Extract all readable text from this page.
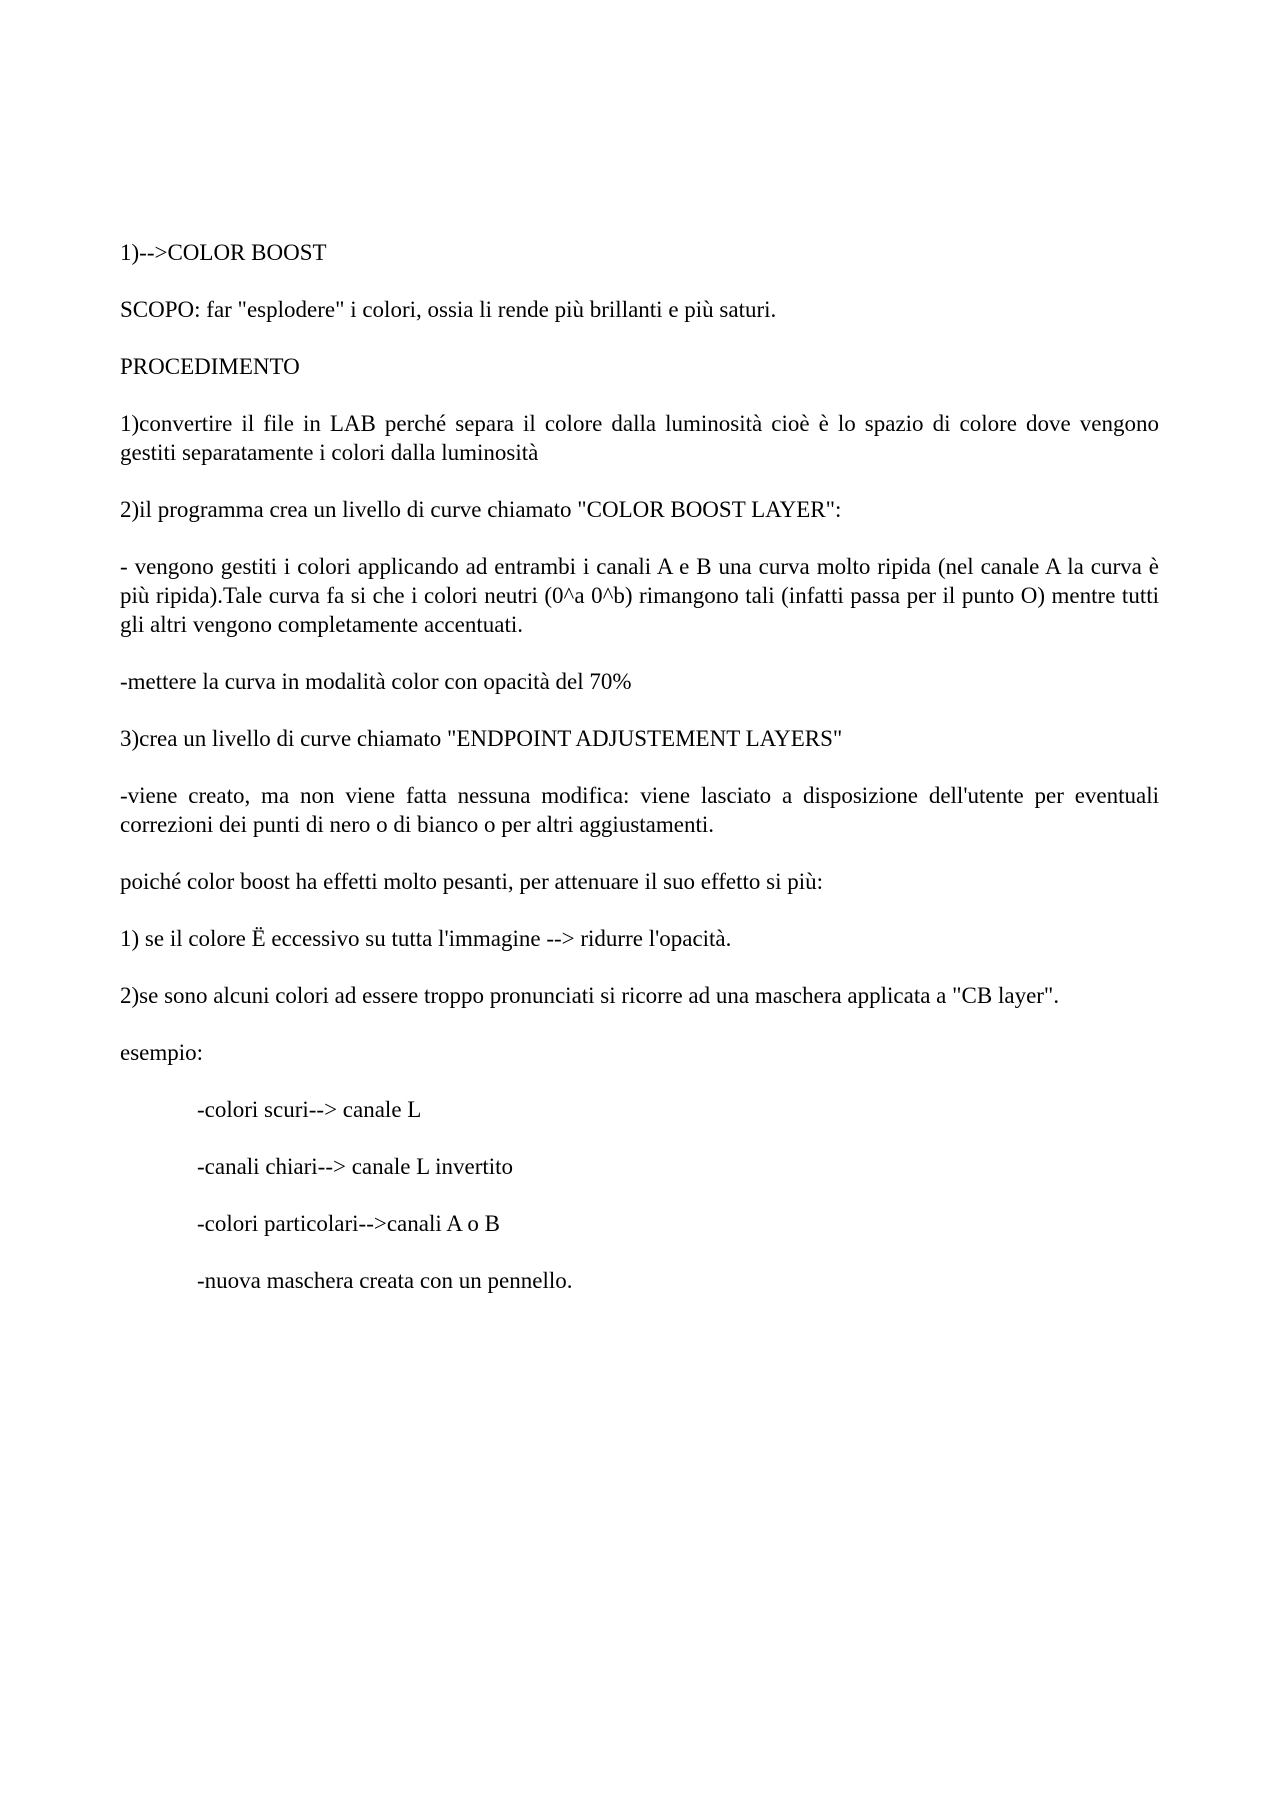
1)-->COLOR BOOST

SCOPO: far "esplodere" i colori, ossia li rende più brillanti e più saturi.

PROCEDIMENTO

1)convertire il file in LAB perché separa il colore dalla luminosità cioè è lo spazio di colore dove vengono gestiti separatamente i colori dalla luminosità

2)il programma crea un livello di curve chiamato "COLOR BOOST LAYER":

- vengono gestiti i colori applicando ad entrambi i canali A e B una curva molto ripida (nel canale A la curva è più ripida).Tale curva fa si che i colori neutri (0^a 0^b) rimangono tali (infatti passa per il punto O) mentre tutti gli altri vengono completamente accentuati.

-mettere la curva in modalità color con opacità del 70%

3)crea un livello di curve chiamato "ENDPOINT ADJUSTEMENT LAYERS"

-viene creato, ma non viene fatta nessuna modifica: viene lasciato a disposizione dell'utente per eventuali correzioni dei punti di nero o di bianco o per altri aggiustamenti.

poiché color boost ha effetti molto pesanti, per attenuare il suo effetto si più:

1) se il colore Ë eccessivo su tutta l'immagine --> ridurre l'opacità.

2)se sono alcuni colori ad essere troppo pronunciati si ricorre ad una maschera applicata a "CB layer".

esempio:

-colori scuri--> canale L

-canali chiari--> canale L invertito

-colori particolari-->canali A o B

-nuova maschera creata con un pennello.
